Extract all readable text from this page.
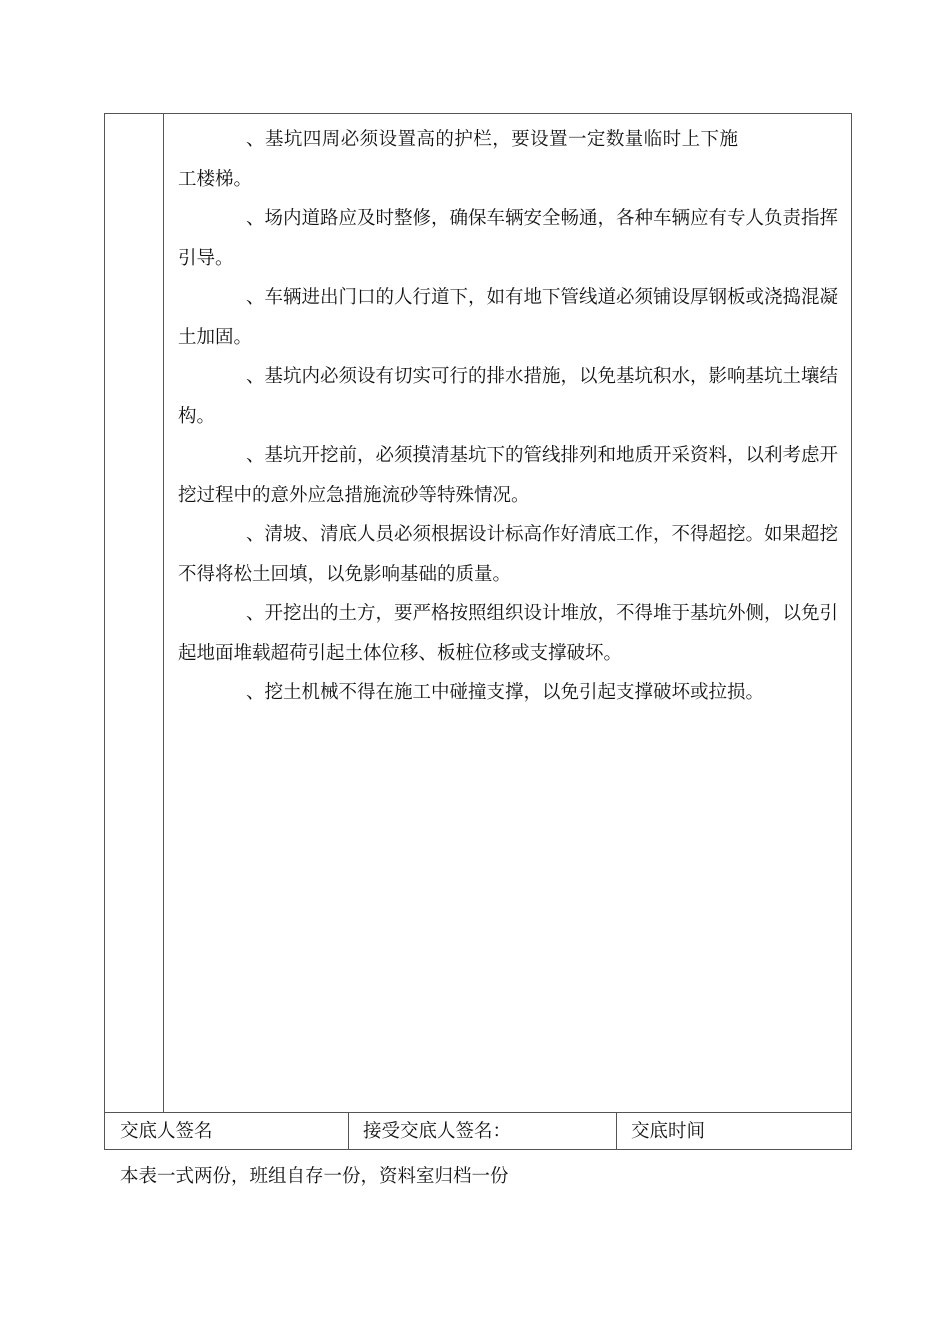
、基坑四周必须设置高的护栏，要设置一定数量临时上下施工楼梯。

、场内道路应及时整修，确保车辆安全畅通，各种车辆应有专人负责指挥引导。

、车辆进出门口的人行道下，如有地下管线道必须铺设厚钢板或浇捣混凝土加固。

、基坑内必须设有切实可行的排水措施，以免基坑积水，影响基坑土壤结构。

、基坑开挖前，必须摸清基坑下的管线排列和地质开采资料，以利考虑开挖过程中的意外应急措施流砂等特殊情况。

、清坡、清底人员必须根据设计标高作好清底工作，不得超挖。如果超挖不得将松土回填，以免影响基础的质量。

、开挖出的土方，要严格按照组织设计堆放，不得堆于基坑外侧，以免引起地面堆载超荷引起土体位移、板桩位移或支撑破坏。

、挖土机械不得在施工中碰撞支撑，以免引起支撑破坏或拉损。

交底人签名	接受交底人签名：	交底时间
本表一式两份，班组自存一份，资料室归档一份
